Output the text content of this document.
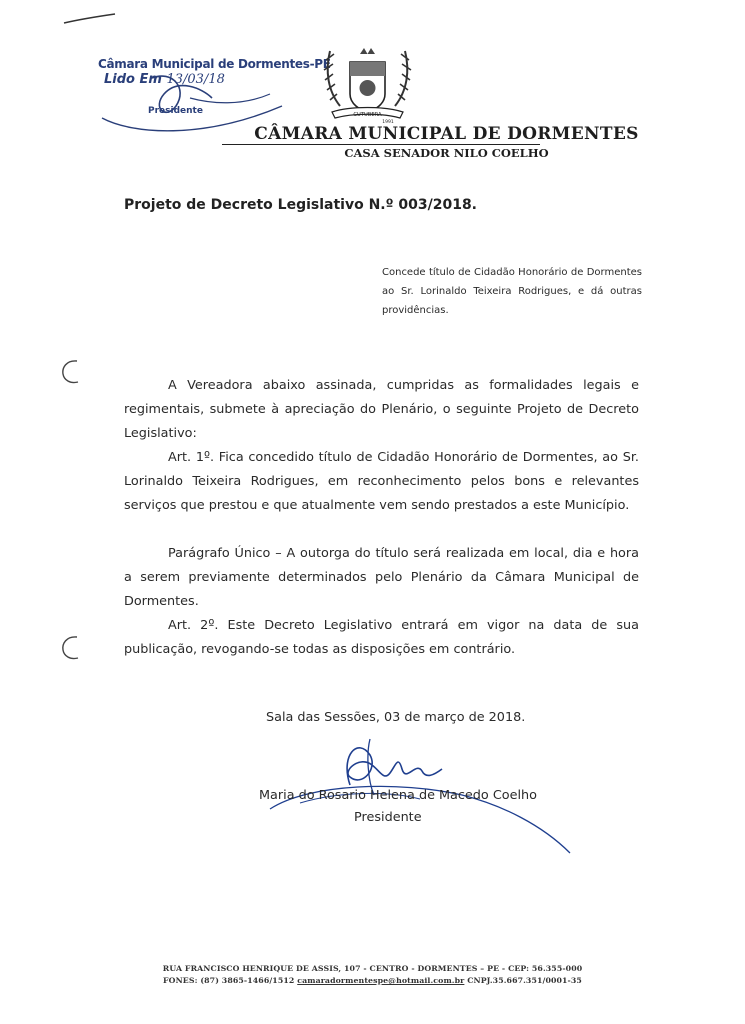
Câmara Municipal de Dormentes-PE
Lido Em 13/03/18
Presidente	CUTUBERA
1991
CÂMARA MUNICIPAL DE DORMENTES
CASA SENADOR NILO COELHO
Projeto de Decreto Legislativo N.º 003/2018.
Concede título de Cidadão Honorário de Dormentes ao Sr. Lorinaldo Teixeira Rodrigues, e dá outras providências.
A Vereadora abaixo assinada, cumpridas as formalidades legais e regimentais, submete à apreciação do Plenário, o seguinte Projeto de Decreto Legislativo:
Art. 1º. Fica concedido título de Cidadão Honorário de Dormentes, ao Sr. Lorinaldo Teixeira Rodrigues, em reconhecimento pelos bons e relevantes serviços que prestou e que atualmente vem sendo prestados a este Município.
Parágrafo Único – A outorga do título será realizada em local, dia e hora a serem previamente determinados pelo Plenário da Câmara Municipal de Dormentes.
Art. 2º. Este Decreto Legislativo entrará em vigor na data de sua publicação, revogando-se todas as disposições em contrário.
Sala das Sessões, 03 de março de 2018.
Maria do Rosario Helena de Macedo Coelho
Presidente
RUA FRANCISCO HENRIQUE DE ASSIS, 107 - CENTRO - DORMENTES – PE - CEP: 56.355-000
FONES: (87) 3865-1466/1512 camaradormentespe@hotmail.com.br CNPJ.35.667.351/0001-35
